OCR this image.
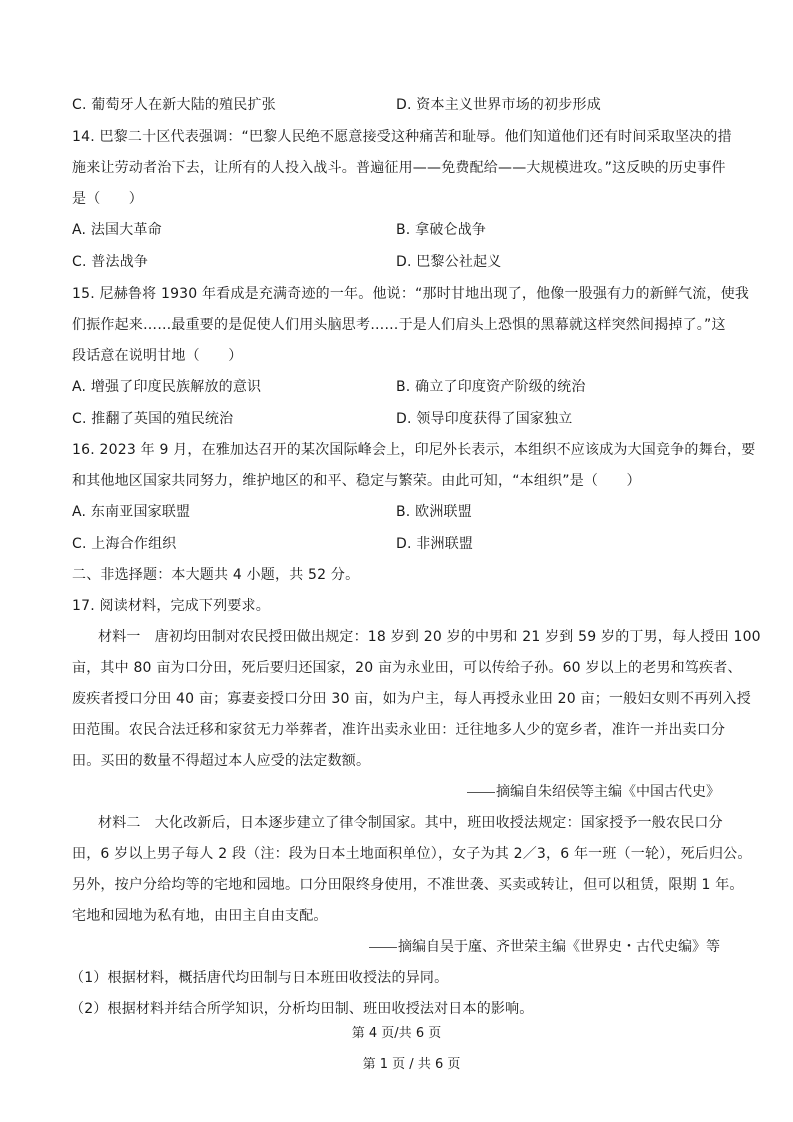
C. 葡萄牙人在新大陆的殖民扩张	D. 资本主义世界市场的初步形成
14. 巴黎二十区代表强调：“巴黎人民绝不愿意接受这种痛苦和耻辱。他们知道他们还有时间采取坚决的措
施来让劳动者治下去，让所有的人投入战斗。普遍征用——免费配给——大规模进攻。”这反映的历史事件
是（　　）
A. 法国大革命	B. 拿破仑战争
C. 普法战争	D. 巴黎公社起义
15. 尼赫鲁将 1930 年看成是充满奇迹的一年。他说：“那时甘地出现了，他像一股强有力的新鲜气流，使我
们振作起来……最重要的是促使人们用头脑思考……于是人们肩头上恐惧的黑幕就这样突然间揭掉了。”这
段话意在说明甘地（　　）
A. 增强了印度民族解放的意识	B. 确立了印度资产阶级的统治
C. 推翻了英国的殖民统治	D. 领导印度获得了国家独立
16. 2023 年 9 月，在雅加达召开的某次国际峰会上，印尼外长表示，本组织不应该成为大国竞争的舞台，要
和其他地区国家共同努力，维护地区的和平、稳定与繁荣。由此可知，“本组织”是（　　）
A. 东南亚国家联盟	B. 欧洲联盟
C. 上海合作组织	D. 非洲联盟
二、非选择题：本大题共 4 小题，共 52 分。
17. 阅读材料，完成下列要求。
材料一　唐初均田制对农民授田做出规定：18 岁到 20 岁的中男和 21 岁到 59 岁的丁男，每人授田 100
亩，其中 80 亩为口分田，死后要归还国家，20 亩为永业田，可以传给子孙。60 岁以上的老男和笃疾者、
废疾者授口分田 40 亩；寡妻妾授口分田 30 亩，如为户主，每人再授永业田 20 亩；一般妇女则不再列入授
田范围。农民合法迁移和家贫无力举葬者，准许出卖永业田：迁往地多人少的宽乡者，准许一并出卖口分
田。买田的数量不得超过本人应受的法定数额。
摘编自朱绍侯等主编《中国古代史》
材料二　大化改新后，日本逐步建立了律令制国家。其中，班田收授法规定：国家授予一般农民口分
田，6 岁以上男子每人 2 段（注：段为日本土地面积单位），女子为其 2／3，6 年一班（一轮），死后归公。
另外，按户分给均等的宅地和园地。口分田限终身使用，不准世袭、买卖或转让，但可以租赁，限期 1 年。
宅地和园地为私有地，由田主自由支配。
摘编自吴于廑、齐世荣主编《世界史・古代史编》等
（1）根据材料，概括唐代均田制与日本班田收授法的异同。
（2）根据材料并结合所学知识，分析均田制、班田收授法对日本的影响。
第 4 页/共 6 页
第 1 页 / 共 6 页
